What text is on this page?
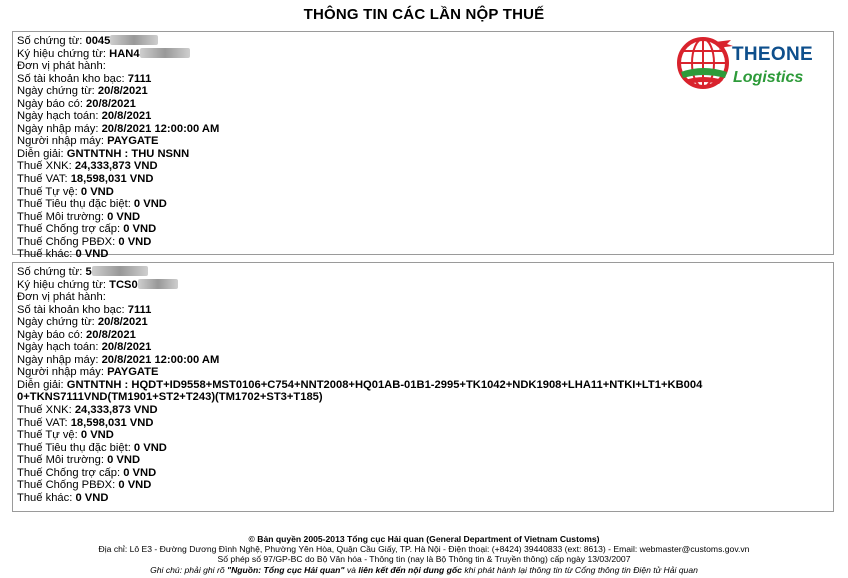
THÔNG TIN CÁC LẦN NỘP THUẾ
Số chứng từ: 0045
Ký hiệu chứng từ: HAN4
Đơn vị phát hành:
Số tài khoản kho bạc: 7111
Ngày chứng từ: 20/8/2021
Ngày báo có: 20/8/2021
Ngày hạch toán: 20/8/2021
Ngày nhập máy: 20/8/2021 12:00:00 AM
Người nhập máy: PAYGATE
Diễn giải: GNTNTNH : THU NSNN
Thuế XNK: 24,333,873 VND
Thuế VAT: 18,598,031 VND
Thuế Tự vệ: 0 VND
Thuế Tiêu thụ đặc biệt: 0 VND
Thuế Môi trường: 0 VND
Thuế Chống trợ cấp: 0 VND
Thuế Chống PBĐX: 0 VND
Thuế khác: 0 VND
THEONE
Logistics
Số chứng từ: 5
Ký hiệu chứng từ: TCS0
Đơn vị phát hành:
Số tài khoản kho bạc: 7111
Ngày chứng từ: 20/8/2021
Ngày báo có: 20/8/2021
Ngày hạch toán: 20/8/2021
Ngày nhập máy: 20/8/2021 12:00:00 AM
Người nhập máy: PAYGATE
Diễn giải: GNTNTNH : HQDT+ID9558+MST0106+C754+NNT2008+HQ01AB-01B1-2995+TK1042+NDK1908+LHA11+NTKI+LT1+KB0040+TKNS7111VND(TM1901+ST2+T243)(TM1702+ST3+T185)
Thuế XNK: 24,333,873 VND
Thuế VAT: 18,598,031 VND
Thuế Tự vệ: 0 VND
Thuế Tiêu thụ đặc biệt: 0 VND
Thuế Môi trường: 0 VND
Thuế Chống trợ cấp: 0 VND
Thuế Chống PBĐX: 0 VND
Thuế khác: 0 VND
© Bản quyền 2005-2013 Tổng cục Hải quan (General Department of Vietnam Customs)
Địa chỉ: Lô E3 - Đường Dương Đình Nghệ, Phường Yên Hòa, Quận Cầu Giấy, TP. Hà Nội - Điện thoại: (+8424) 39440833 (ext: 8613) - Email: webmaster@customs.gov.vn
Số phép số 97/GP-BC do Bộ Văn hóa - Thông tin (nay là Bộ Thông tin & Truyền thông) cấp ngày 13/03/2007
Ghi chú: phải ghi rõ "Nguồn: Tổng cục Hải quan" và liên kết đến nội dung gốc khi phát hành lại thông tin từ Cổng thông tin Điện tử Hải quan
